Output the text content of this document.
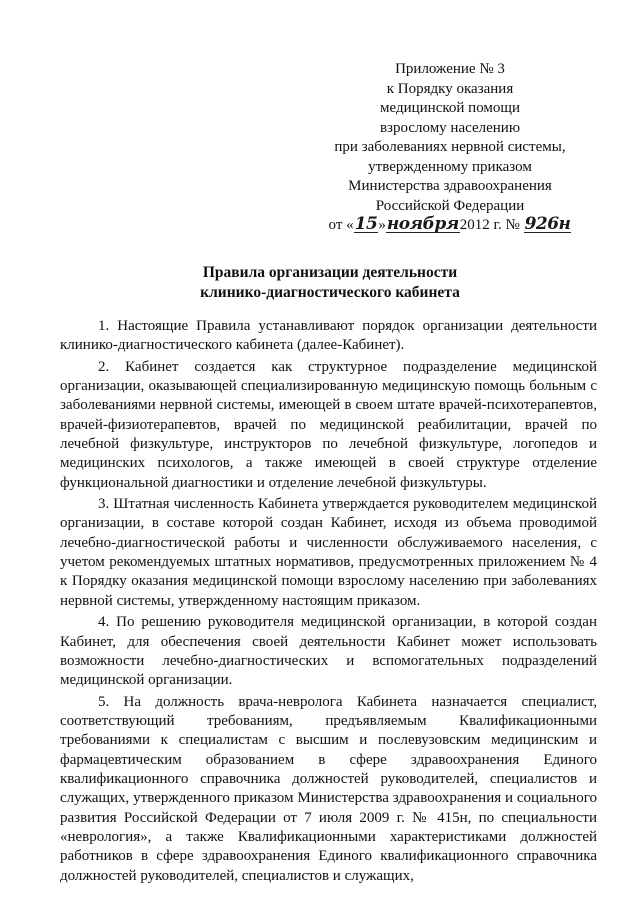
Приложение № 3
к Порядку оказания
медицинской помощи
взрослому населению
при заболеваниях нервной системы,
утвержденному приказом
Министерства здравоохранения
Российской Федерации
от «15»ноября2012 г. № 926н
Правила организации деятельности
клинико-диагностического кабинета

1. Настоящие Правила устанавливают порядок организации деятельности клинико-диагностического кабинета (далее-Кабинет).

2. Кабинет создается как структурное подразделение медицинской организации, оказывающей специализированную медицинскую помощь больным с заболеваниями нервной системы, имеющей в своем штате врачей-психотерапевтов, врачей-физиотерапевтов, врачей по медицинской реабилитации, врачей по лечебной физкультуре, инструкторов по лечебной физкультуре, логопедов и медицинских психологов, а также имеющей в своей структуре отделение функциональной диагностики и отделение лечебной физкультуры.

3. Штатная численность Кабинета утверждается руководителем медицинской организации, в составе которой создан Кабинет, исходя из объема проводимой лечебно-диагностической работы и численности обслуживаемого населения, с учетом рекомендуемых штатных нормативов, предусмотренных приложением № 4 к Порядку оказания медицинской помощи взрослому населению при заболеваниях нервной системы, утвержденному настоящим приказом.

4. По решению руководителя медицинской организации, в которой создан Кабинет, для обеспечения своей деятельности Кабинет может использовать возможности лечебно-диагностических и вспомогательных подразделений медицинской организации.

5. На должность врача-невролога Кабинета назначается специалист, соответствующий требованиям, предъявляемым Квалификационными требованиями к специалистам с высшим и послевузовским медицинским и фармацевтическим образованием в сфере здравоохранения Единого квалификационного справочника должностей руководителей, специалистов и служащих, утвержденного приказом Министерства здравоохранения и социального развития Российской Федерации от 7 июля 2009 г. № 415н, по специальности «неврология», а также Квалификационными характеристиками должностей работников в сфере здравоохранения Единого квалификационного справочника должностей руководителей, специалистов и служащих,
